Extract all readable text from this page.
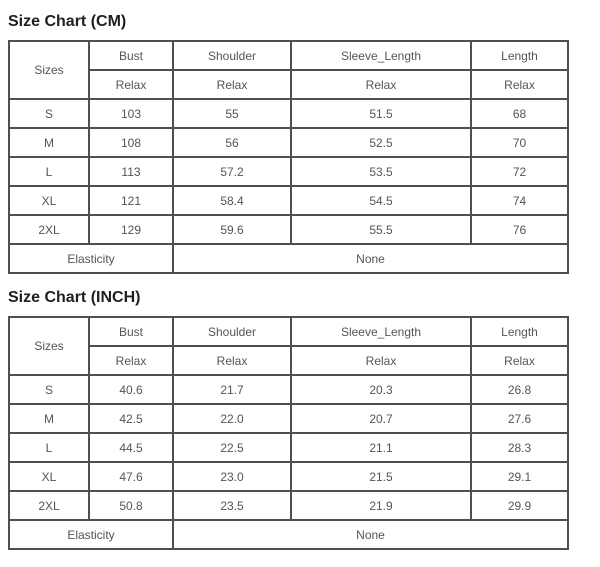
Size Chart (CM)
Sizes	Bust	Shoulder	Sleeve_Length	Length
	Relax	Relax	Relax	Relax
S	103	55	51.5	68
M	108	56	52.5	70
L	113	57.2	53.5	72
XL	121	58.4	54.5	74
2XL	129	59.6	55.5	76
Elasticity		None		
Size Chart (INCH)
Sizes	Bust	Shoulder	Sleeve_Length	Length
	Relax	Relax	Relax	Relax
S	40.6	21.7	20.3	26.8
M	42.5	22.0	20.7	27.6
L	44.5	22.5	21.1	28.3
XL	47.6	23.0	21.5	29.1
2XL	50.8	23.5	21.9	29.9
Elasticity		None		
